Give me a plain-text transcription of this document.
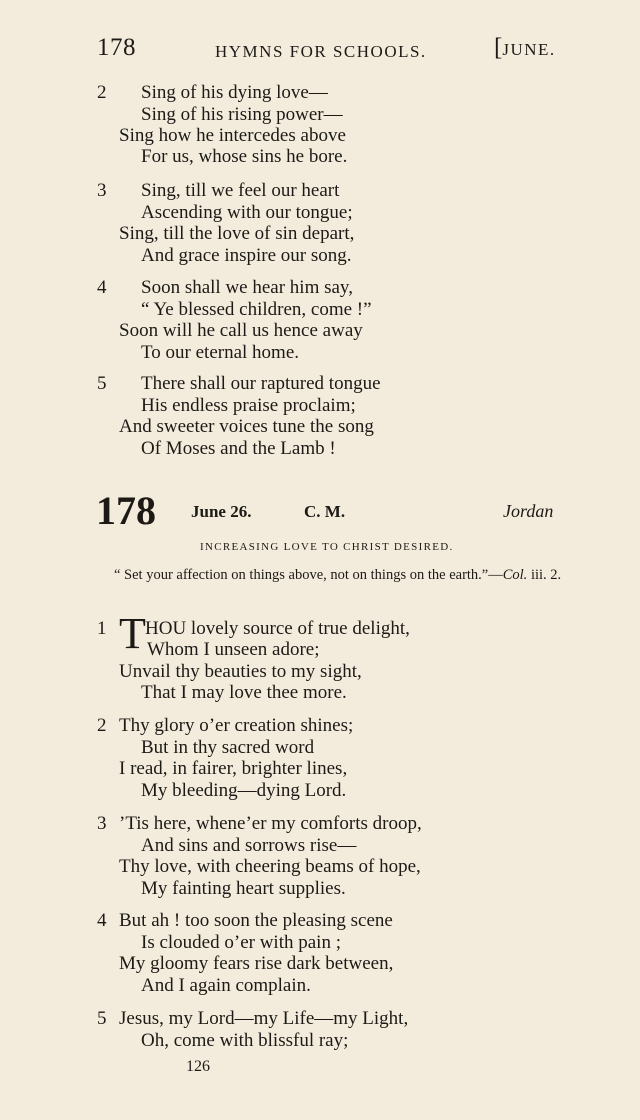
178	HYMNS FOR SCHOOLS.	[JUNE.
2 Sing of his dying love—
Sing of his rising power—
Sing how he intercedes above
For us, whose sins he bore.
3 Sing, till we feel our heart
Ascending with our tongue;
Sing, till the love of sin depart,
And grace inspire our song.
4 Soon shall we hear him say,
“ Ye blessed children, come !”
Soon will he call us hence away
To our eternal home.
5 There shall our raptured tongue
His endless praise proclaim;
And sweeter voices tune the song
Of Moses and the Lamb !
178 June 26.	C. M.	Jordan
INCREASING LOVE TO CHRIST DESIRED.
“ Set your affection on things above, not on things on the earth.”—Col. iii. 2.
1 T HOU lovely source of true delight,
Whom I unseen adore;
Unvail thy beauties to my sight,
That I may love thee more.
2 Thy glory o’er creation shines;
But in thy sacred word
I read, in fairer, brighter lines,
My bleeding—dying Lord.
3 ’Tis here, whene’er my comforts droop,
And sins and sorrows rise—
Thy love, with cheering beams of hope,
My fainting heart supplies.
4 But ah ! too soon the pleasing scene
Is clouded o’er with pain ;
My gloomy fears rise dark between,
And I again complain.
5 Jesus, my Lord—my Life—my Light,
Oh, come with blissful ray;
126
